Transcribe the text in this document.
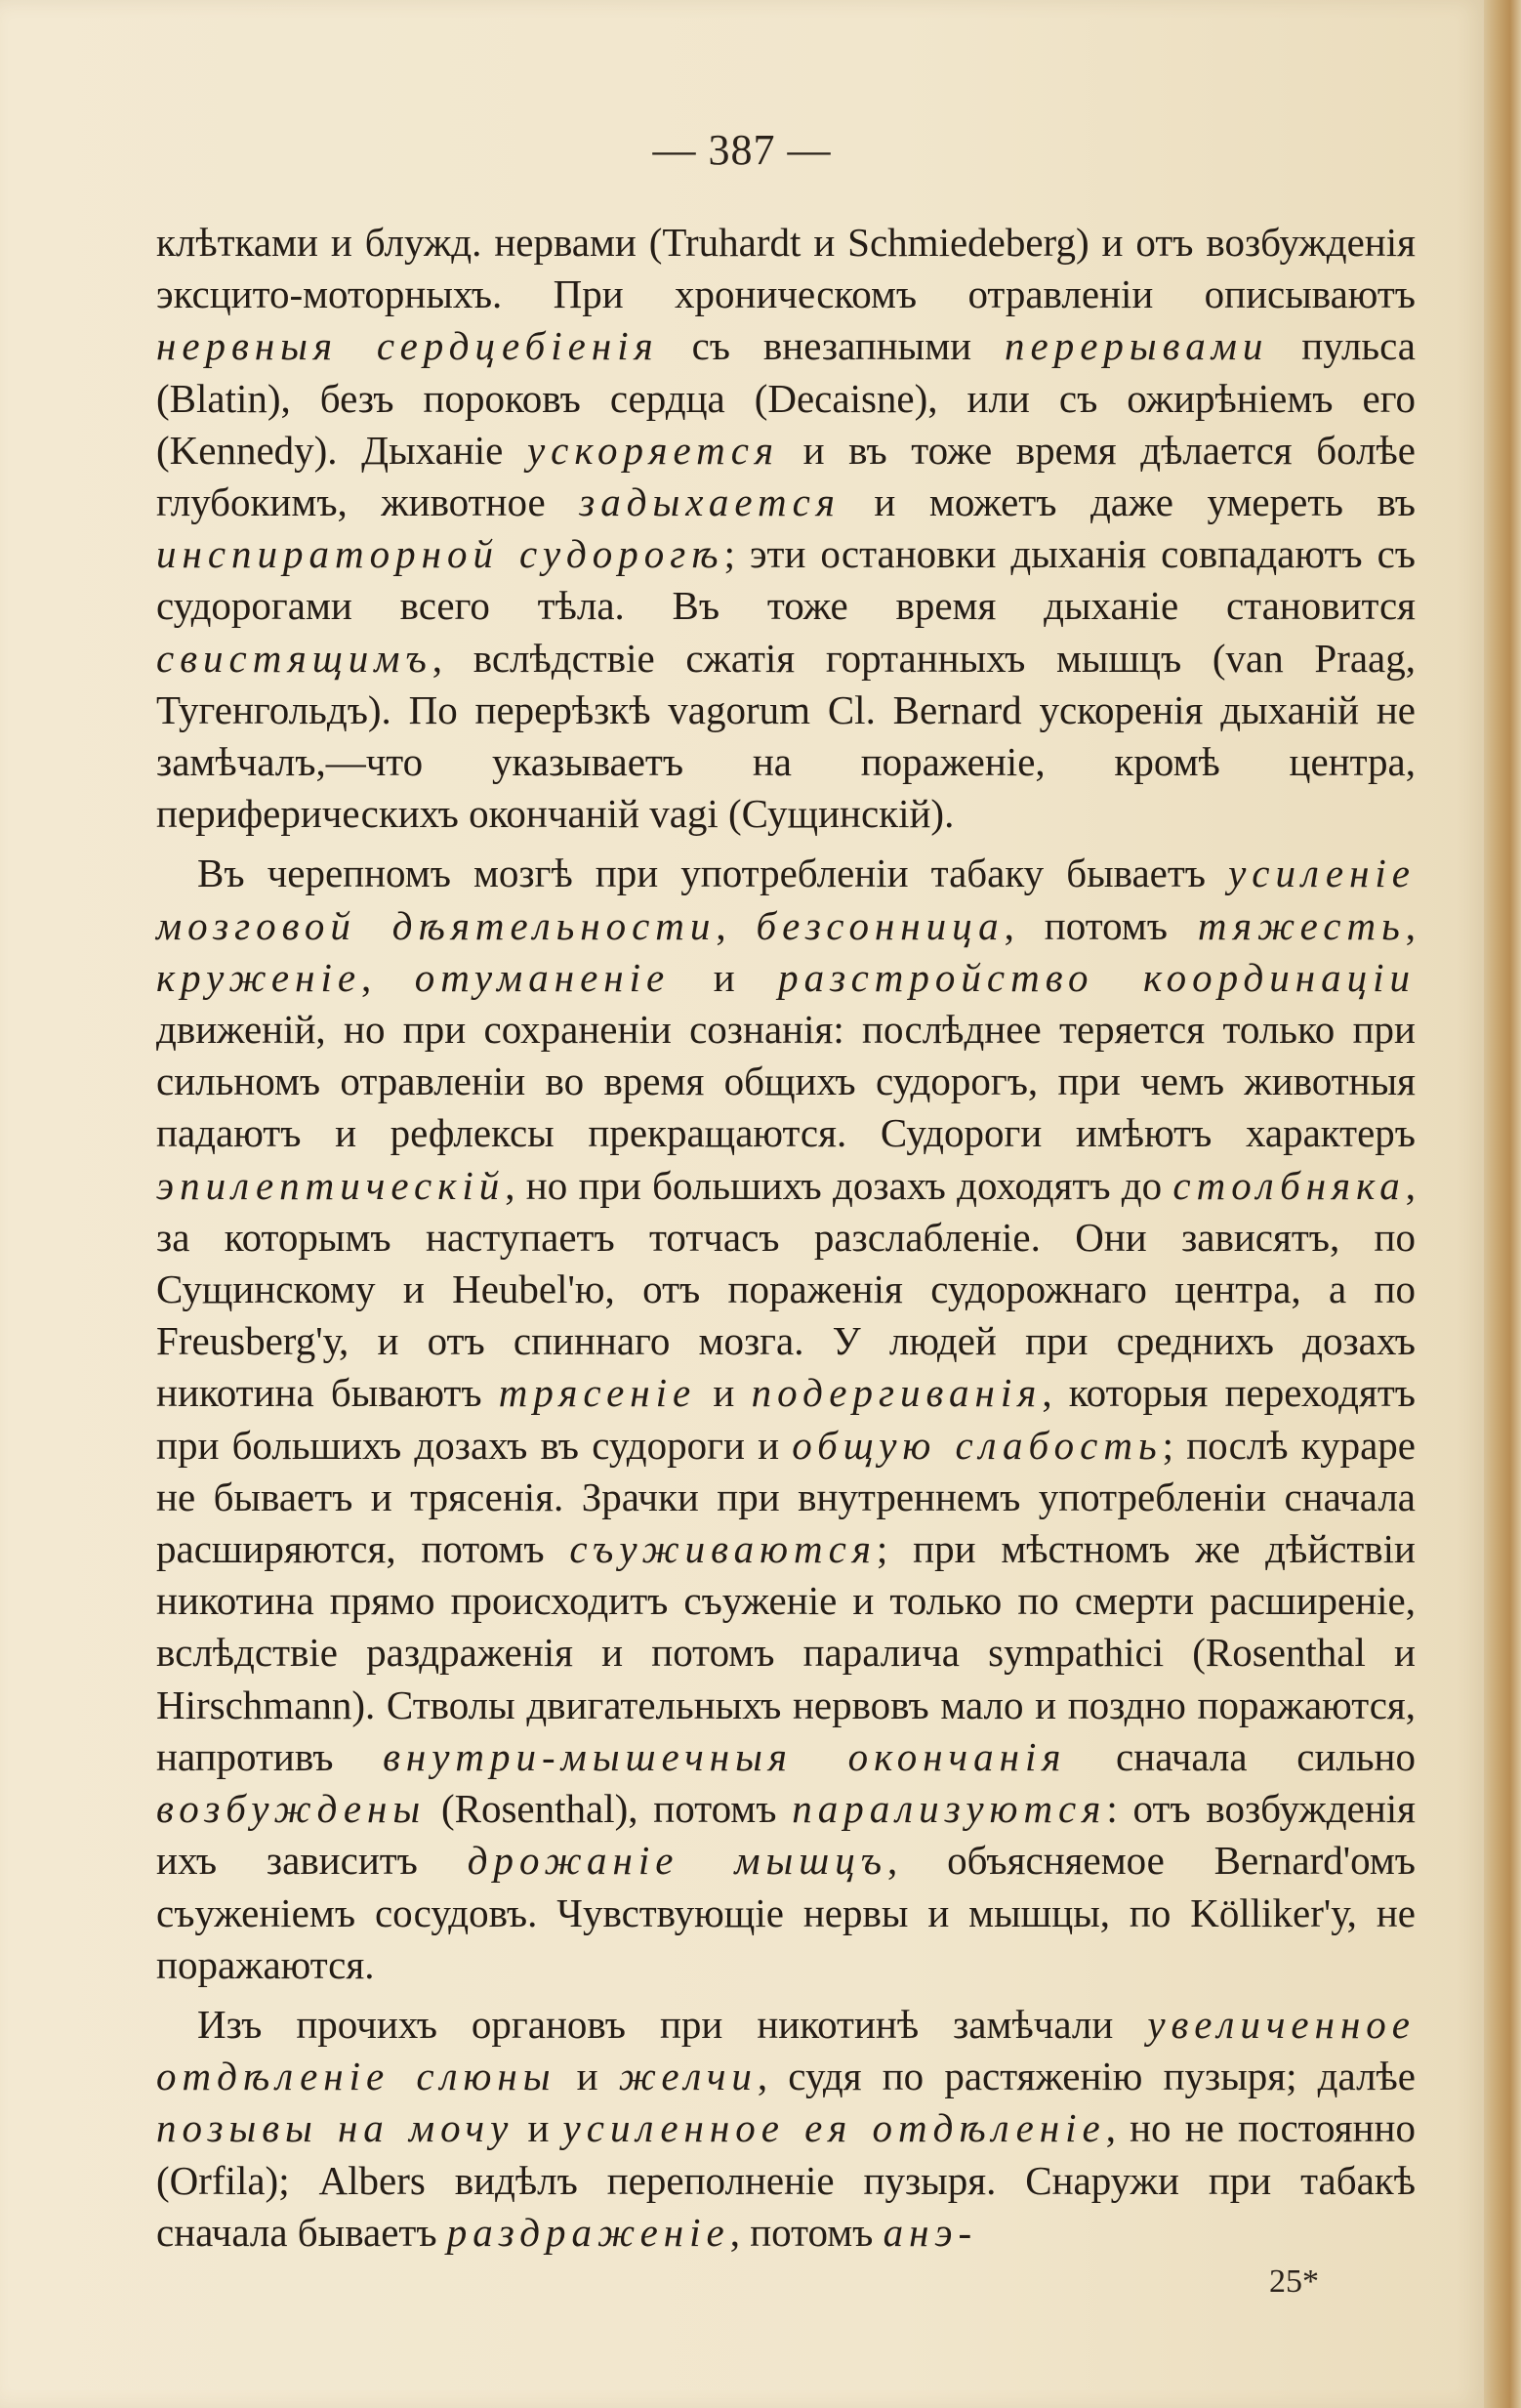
— 387 —

клѣтками и блужд. нервами (Truhardt и Schmiedeberg) и отъ возбужденія эксцито-моторныхъ. При хроническомъ отравленіи описываютъ нервныя сердцебіенія съ внезапными перерывами пульса (Blatin), безъ пороковъ сердца (Decaisne), или съ ожирѣніемъ его (Kennedy). Дыханіе ускоряется и въ тоже время дѣлается болѣе глубокимъ, животное задыхается и можетъ даже умереть въ инспираторной судорогѣ; эти остановки дыханія совпадаютъ съ судорогами всего тѣла. Въ тоже время дыханіе становится свистящимъ, вслѣдствіе сжатія гортанныхъ мышцъ (van Praag, Тугенгольдъ). По перерѣзкѣ vagorum Cl. Bernard ускоренія дыханій не замѣчалъ,—что указываетъ на пораженіе, кромѣ центра, периферическихъ окончаній vagi (Сущинскій).

Въ черепномъ мозгѣ при употребленіи табаку бываетъ усиленіе мозговой дѣятельности, безсонница, потомъ тяжесть, круженіе, отуманеніе и разстройство координаціи движеній, но при сохраненіи сознанія: послѣднее теряется только при сильномъ отравленіи во время общихъ судорогъ, при чемъ животныя падаютъ и рефлексы прекращаются. Судороги имѣютъ характеръ эпилептическій, но при большихъ дозахъ доходятъ до столбняка, за которымъ наступаетъ тотчасъ разслабленіе. Они зависятъ, по Сущинскому и Heubel'ю, отъ пораженія судорожнаго центра, а по Freusberg'у, и отъ спиннаго мозга. У людей при среднихъ дозахъ никотина бываютъ трясеніе и подергиванія, которыя переходятъ при большихъ дозахъ въ судороги и общую слабость; послѣ кураре не бываетъ и трясенія. Зрачки при внутреннемъ употребленіи сначала расширяются, потомъ съуживаются; при мѣстномъ же дѣйствіи никотина прямо происходитъ съуженіе и только по смерти расширеніе, вслѣдствіе раздраженія и потомъ паралича sympathici (Rosenthal и Hirschmann). Стволы двигательныхъ нервовъ мало и поздно поражаются, напротивъ внутри-мышечныя окончанія сначала сильно возбуждены (Rosenthal), потомъ парализуются: отъ возбужденія ихъ зависитъ дрожаніе мышцъ, объясняемое Bernard'омъ съуженіемъ сосудовъ. Чувствующіе нервы и мышцы, по Kölliker'у, не поражаются.

Изъ прочихъ органовъ при никотинѣ замѣчали увеличенное отдѣленіе слюны и желчи, судя по растяженію пузыря; далѣе позывы на мочу и усиленное ея отдѣленіе, но не постоянно (Orfila); Albers видѣлъ переполненіе пузыря. Снаружи при табакѣ сначала бываетъ раздраженіе, потомъ анэ-

25*
